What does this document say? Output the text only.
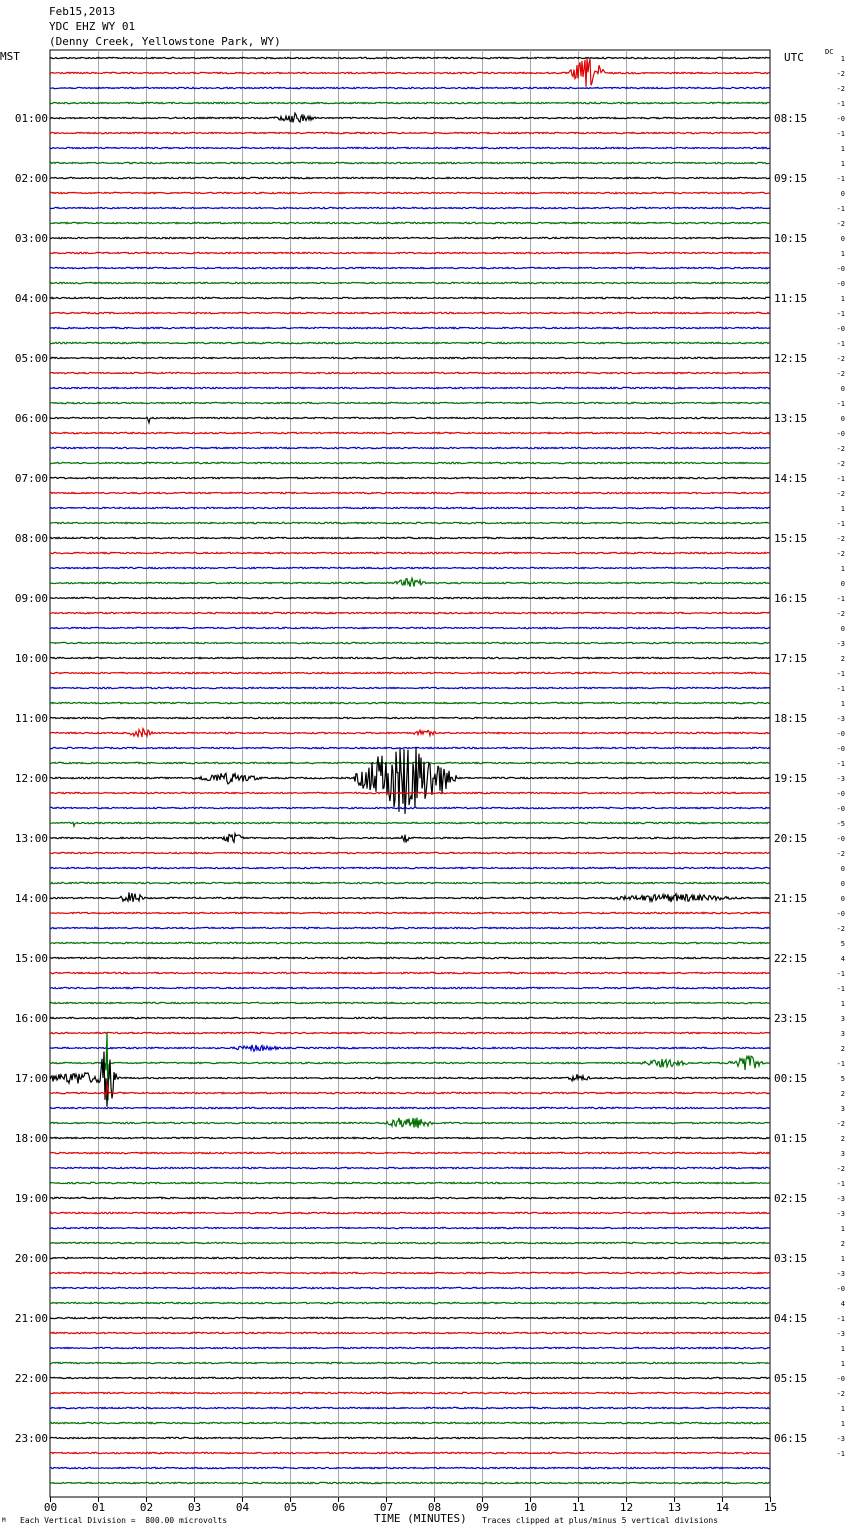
Feb15,2013
YDC EHZ WY 01
(Denny Creek, Yellowstone Park, WY)
MST	UTC	DC
1
-2
-2
-1
-0
-1
1
1
-1
0
-1
-2
0
1
-0
-0
1
-1
-0
-1
-2
-2
0
-1
0
-0
-2
-2
-1
-2
1
-1
-2
-2
1
0
-1
-2
0
-3
2
-1
-1
1
-3
-0
-0
-1
-3
-0
-0
-5
-0
-2
0
0
0
-0
-2
5
4
-1
-1
1
3
3
2
-1
5
2
3
-2
2
3
-2
-1
-3
-3
1
2
1
-3
-0
4
-1
-3
1
1
-0
-2
1
1
-3
-1
01:00	08:15
02:00	09:15
03:00	10:15
04:00	11:15
05:00	12:15
06:00	13:15
07:00	14:15
08:00	15:15
09:00	16:15
10:00	17:15
11:00	18:15
12:00	19:15
13:00	20:15
14:00	21:15
15:00	22:15
16:00	23:15
17:00	00:15
18:00	01:15
19:00	02:15
20:00	03:15
21:00	04:15
22:00	05:15
23:00	06:15
00	01	02	03	04	05	06	07	08	09	10	11	12	13	14	15
M Each Vertical Division =  800.00 microvolts	TIME (MINUTES) Traces clipped at plus/minus 5 vertical divisions
